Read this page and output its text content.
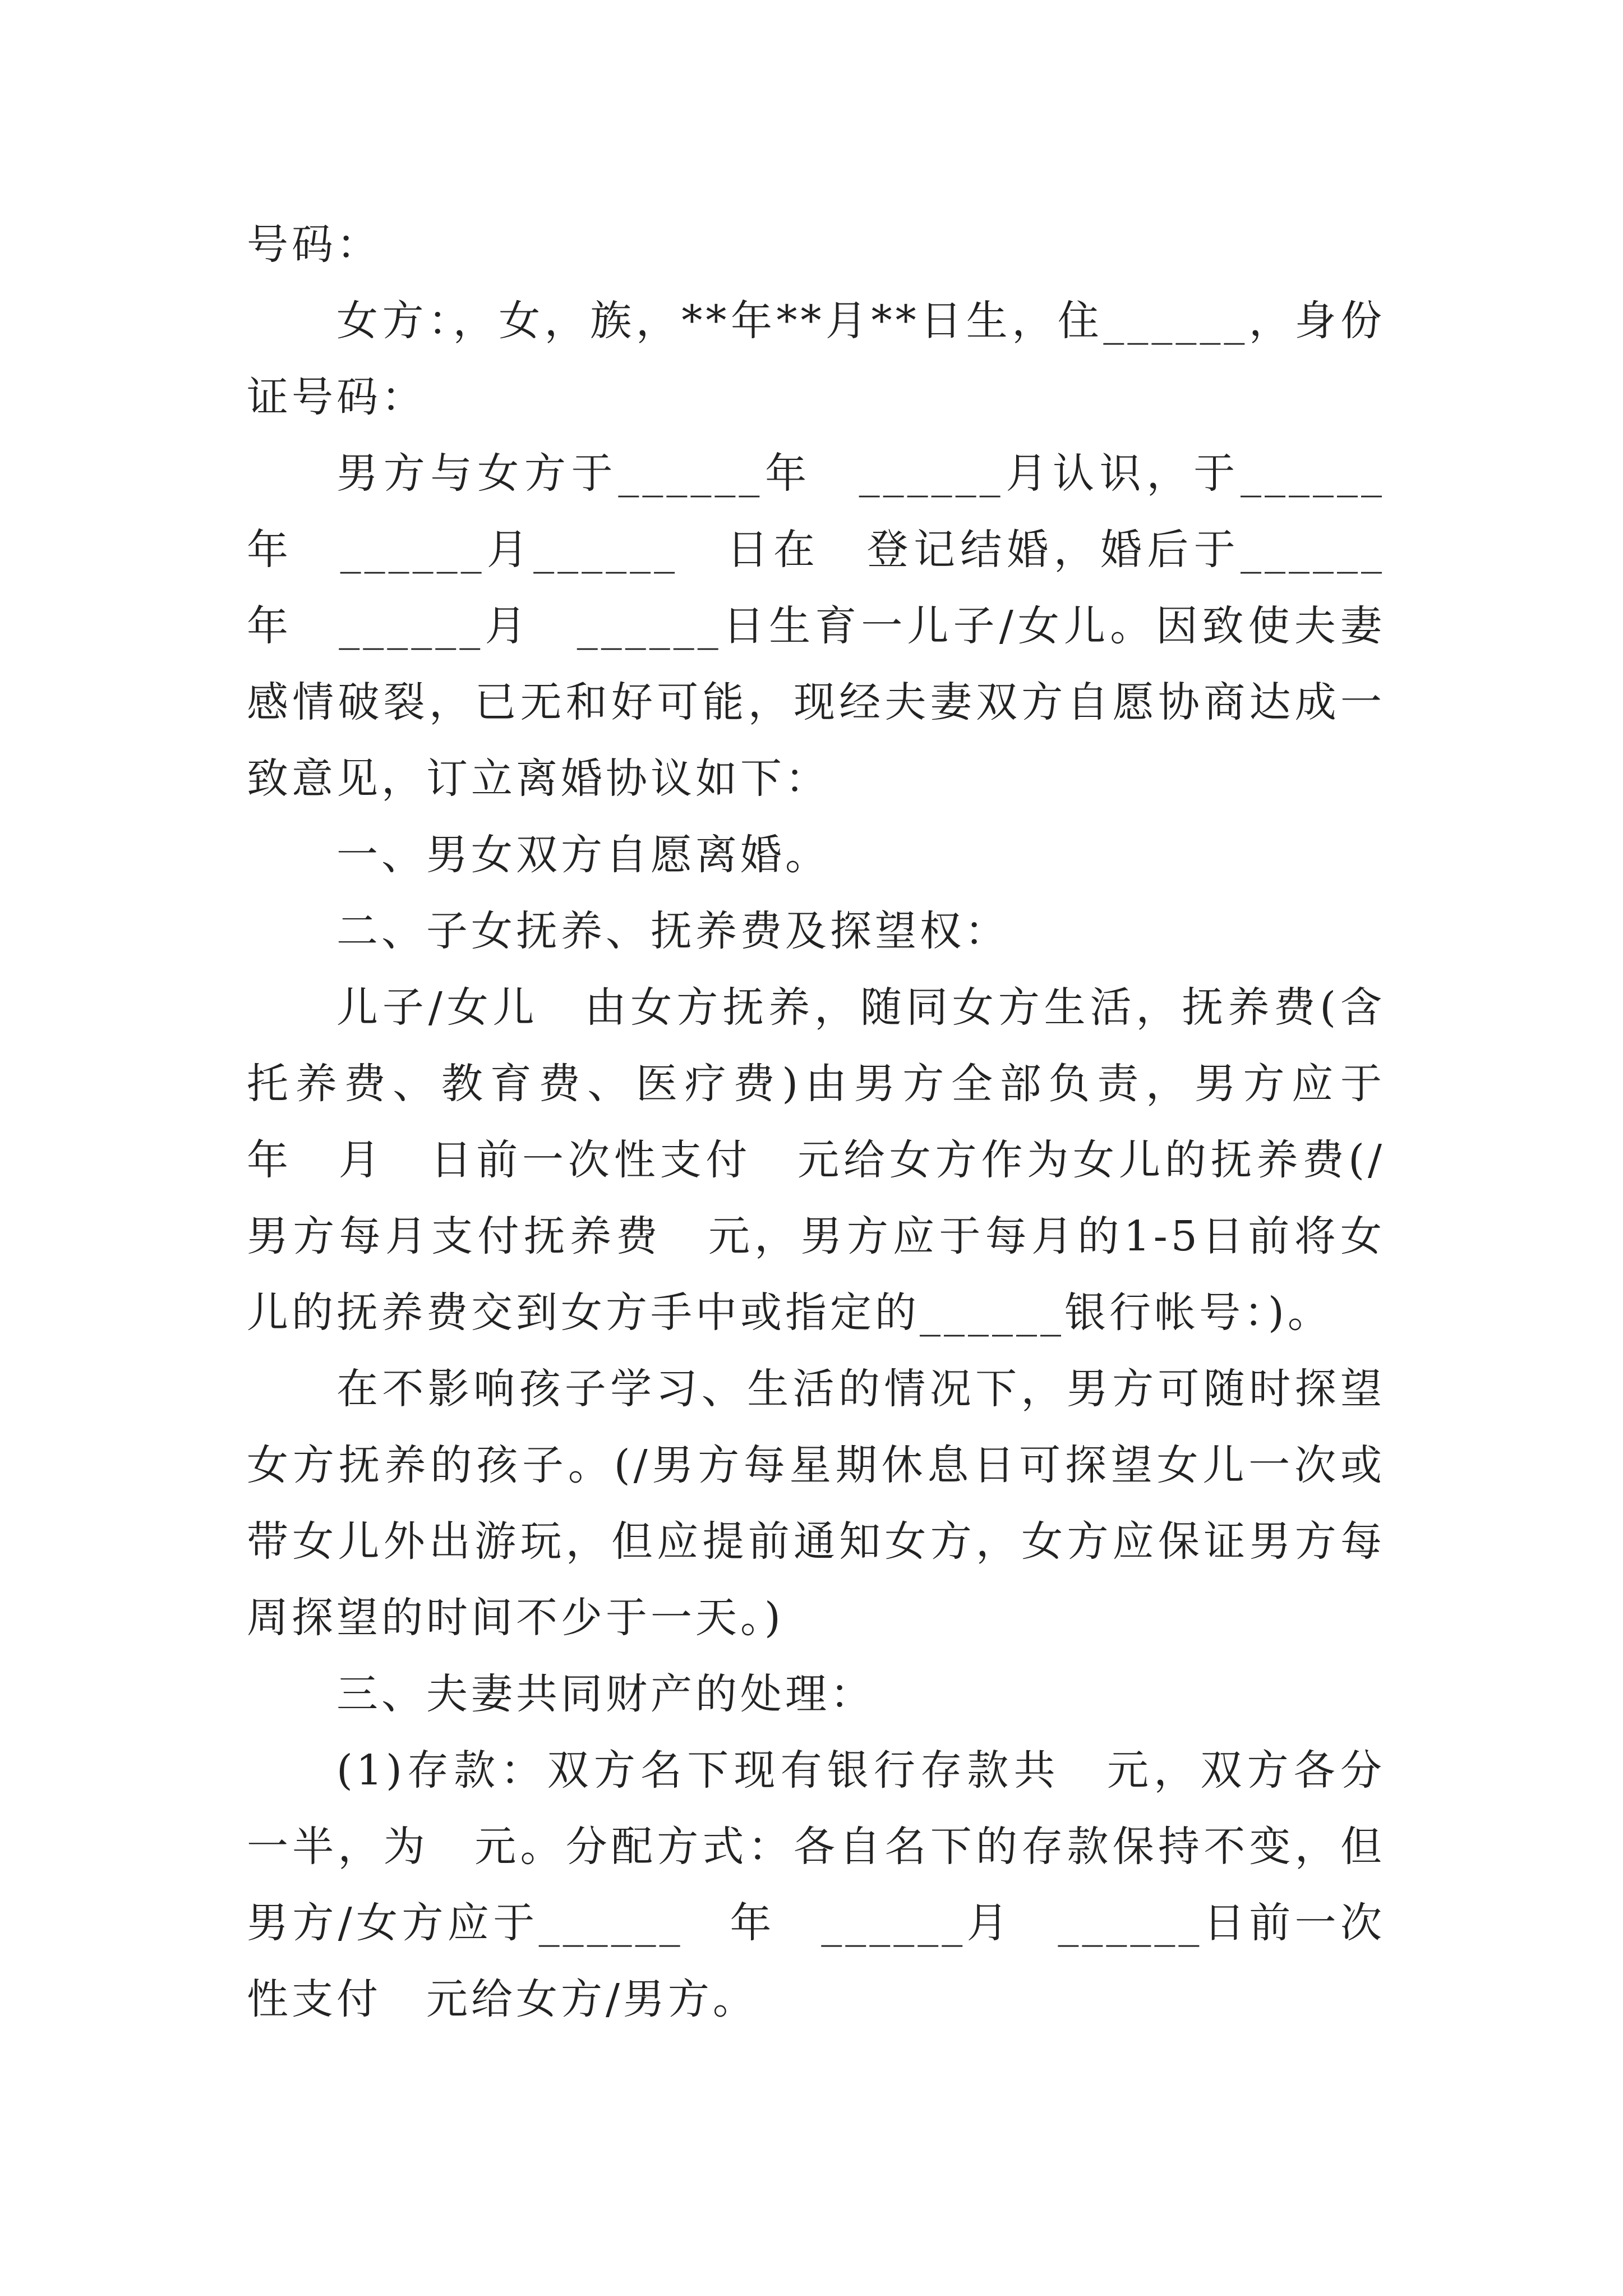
号码：

女方：，女，族，**年**月**日生，住______，身份证号码：

男方与女方于______年　______月认识，于______　年　______月______　日在　登记结婚，婚后于______　年　______月　______日生育一儿子/女儿。因致使夫妻感情破裂，已无和好可能，现经夫妻双方自愿协商达成一致意见，订立离婚协议如下：

一、男女双方自愿离婚。

二、子女抚养、抚养费及探望权：

儿子/女儿　由女方抚养，随同女方生活，抚养费(含托养费、教育费、医疗费)由男方全部负责，男方应于　年　月　日前一次性支付　元给女方作为女儿的抚养费(/男方每月支付抚养费　元，男方应于每月的1-5日前将女儿的抚养费交到女方手中或指定的______银行帐号：)。

在不影响孩子学习、生活的情况下，男方可随时探望女方抚养的孩子。(/男方每星期休息日可探望女儿一次或带女儿外出游玩，但应提前通知女方，女方应保证男方每周探望的时间不少于一天。)

三、夫妻共同财产的处理：

(1)存款：双方名下现有银行存款共　元，双方各分一半，为　元。分配方式：各自名下的存款保持不变，但男方/女方应于______　年　______月　______日前一次性支付　元给女方/男方。
